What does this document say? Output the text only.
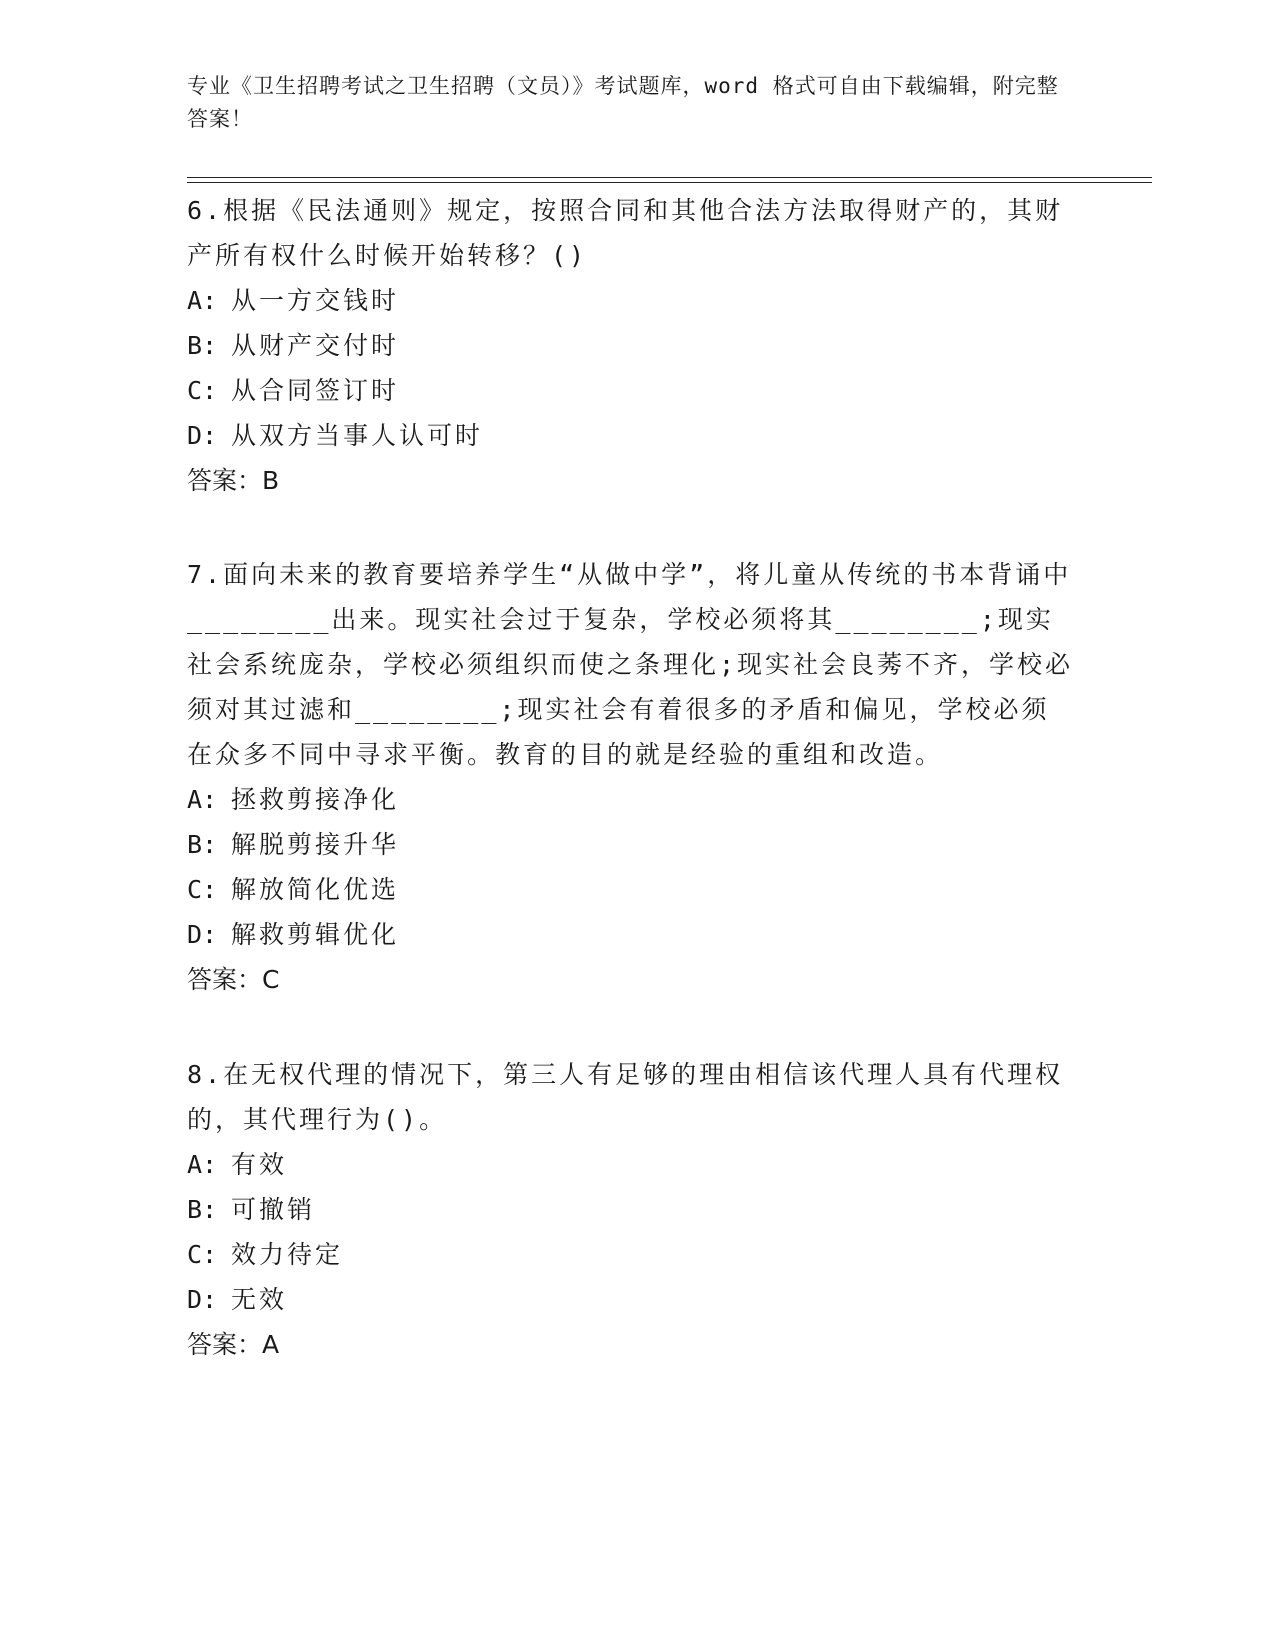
专业《卫生招聘考试之卫生招聘（文员）》考试题库，word 格式可自由下载编辑，附完整答案！

6.根据《民法通则》规定，按照合同和其他合法方法取得财产的，其财产所有权什么时候开始转移？()

A: 从一方交钱时

B: 从财产交付时

C: 从合同签订时

D: 从双方当事人认可时

答案：B

7.面向未来的教育要培养学生“从做中学”，将儿童从传统的书本背诵中________出来。现实社会过于复杂，学校必须将其________;现实社会系统庞杂，学校必须组织而使之条理化;现实社会良莠不齐，学校必须对其过滤和________;现实社会有着很多的矛盾和偏见，学校必须在众多不同中寻求平衡。教育的目的就是经验的重组和改造。

A: 拯救剪接净化

B: 解脱剪接升华

C: 解放简化优选

D: 解救剪辑优化

答案：C

8.在无权代理的情况下，第三人有足够的理由相信该代理人具有代理权的，其代理行为()。

A: 有效

B: 可撤销

C: 效力待定

D: 无效

答案：A
